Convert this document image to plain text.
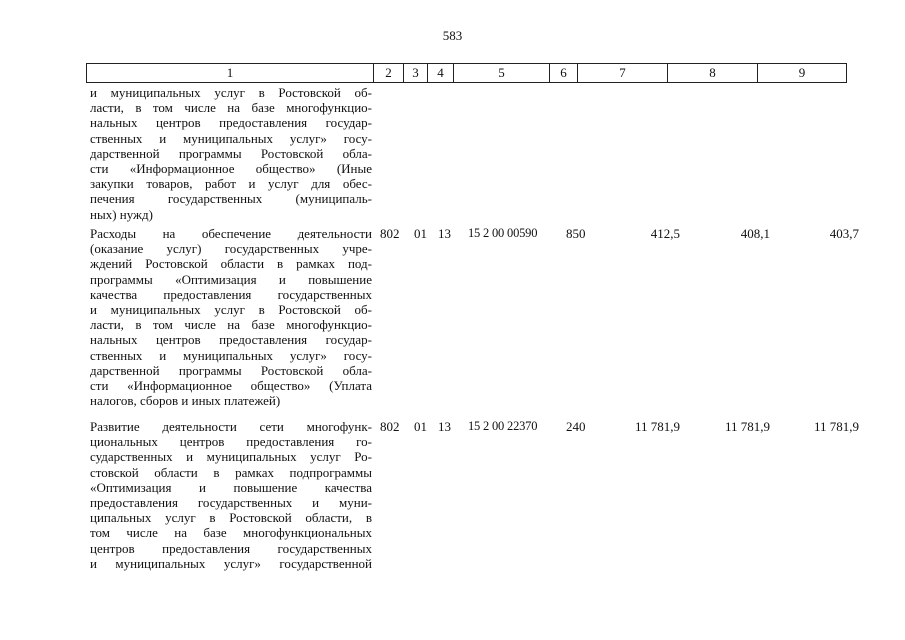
583
1	2	3	4	5	6	7	8	9
и муниципальных услуг в Ростовской об-
ласти, в том числе на базе многофункцио-
нальных центров предоставления государ-
ственных и муниципальных услуг» госу-
дарственной программы Ростовской обла-
сти «Информационное общество» (Иные
закупки товаров, работ и услуг для обес-
печения государственных (муниципаль-
ных) нужд)
Расходы на обеспечение деятельности
(оказание услуг) государственных учре-
ждений Ростовской области в рамках под-
программы «Оптимизация и повышение
качества предоставления государственных
и муниципальных услуг в Ростовской об-
ласти, в том числе на базе многофункцио-
нальных центров предоставления государ-
ственных и муниципальных услуг» госу-
дарственной программы Ростовской обла-
сти «Информационное общество» (Уплата
налогов, сборов и иных платежей)
802	01 13	15 2 00 00590	850	412,5	408,1	403,7
Развитие деятельности сети многофунк-
циональных центров предоставления го-
сударственных и муниципальных услуг Ро-
стовской области в рамках подпрограммы
«Оптимизация и повышение качества
предоставления государственных и муни-
ципальных услуг в Ростовской области, в
том числе на базе многофункциональных
центров предоставления государственных
и муниципальных услуг» государственной
802	01 13	15 2 00 22370	240	11 781,9	11 781,9	11 781,9
